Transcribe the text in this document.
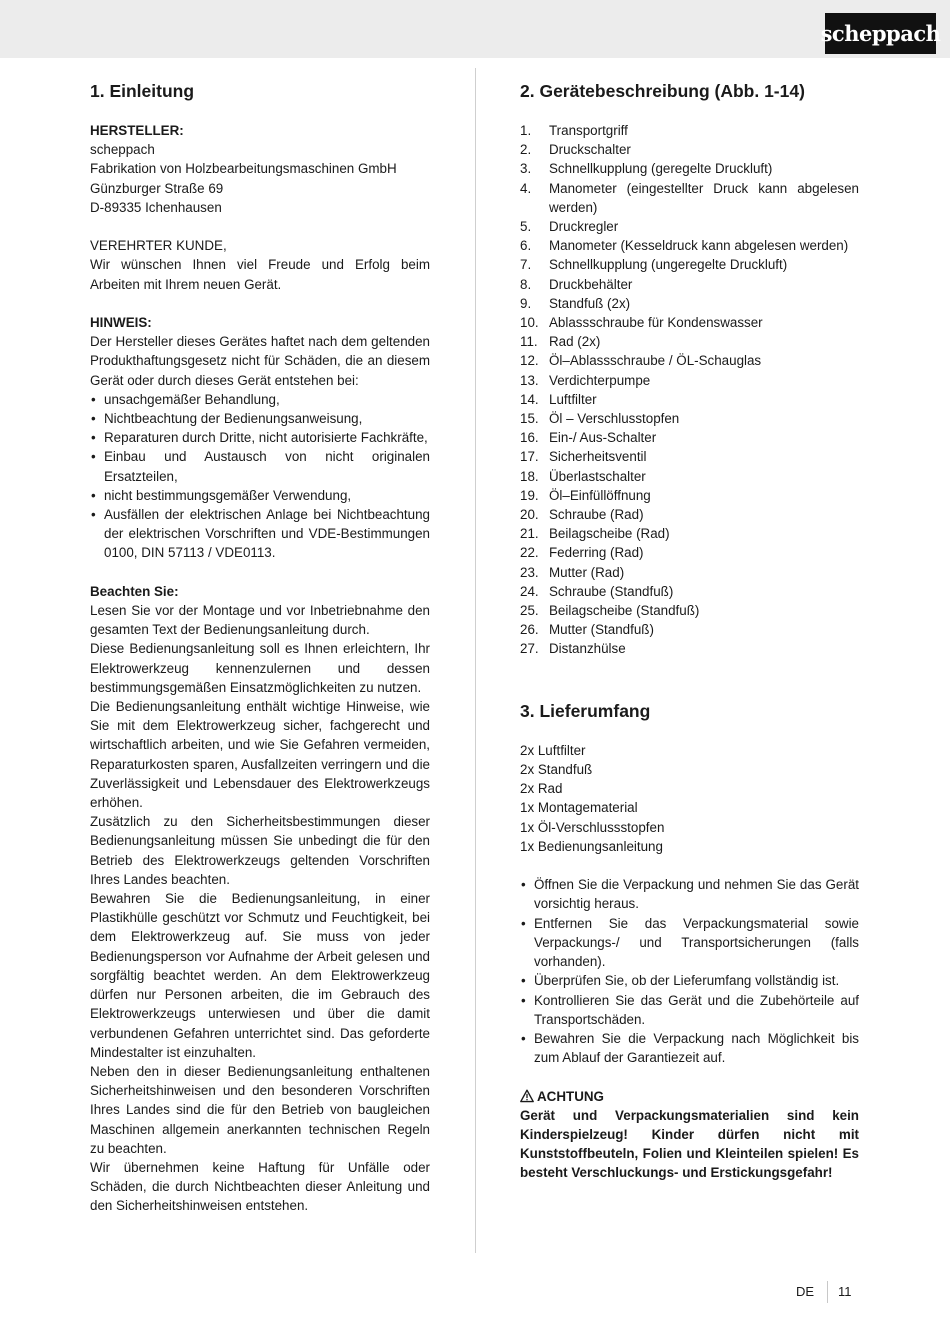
scheppach
1. Einleitung
HERSTELLER:
scheppach
Fabrikation von Holzbearbeitungsmaschinen GmbH
Günzburger Straße 69
D-89335 Ichenhausen
VEREHRTER KUNDE,
Wir wünschen Ihnen viel Freude und Erfolg beim Arbeiten mit Ihrem neuen Gerät.
HINWEIS:
Der Hersteller dieses Gerätes haftet nach dem geltenden Produkthaftungsgesetz nicht für Schäden, die an diesem Gerät oder durch dieses Gerät entstehen bei:
• unsachgemäßer Behandlung,
• Nichtbeachtung der Bedienungsanweisung,
• Reparaturen durch Dritte, nicht autorisierte Fachkräfte,
• Einbau und Austausch von nicht originalen Ersatzteilen,
• nicht bestimmungsgemäßer Verwendung,
• Ausfällen der elektrischen Anlage bei Nichtbeachtung der elektrischen Vorschriften und VDE-Bestimmungen 0100, DIN 57113 / VDE0113.
Beachten Sie:
Lesen Sie vor der Montage und vor Inbetriebnahme den gesamten Text der Bedienungsanleitung durch.
Diese Bedienungsanleitung soll es Ihnen erleichtern, Ihr Elektrowerkzeug kennenzulernen und dessen bestimmungsgemäßen Einsatzmöglichkeiten zu nutzen.
Die Bedienungsanleitung enthält wichtige Hinweise, wie Sie mit dem Elektrowerkzeug sicher, fachgerecht und wirtschaftlich arbeiten, und wie Sie Gefahren vermeiden, Reparaturkosten sparen, Ausfallzeiten verringern und die Zuverlässigkeit und Lebensdauer des Elektrowerkzeugs erhöhen.
Zusätzlich zu den Sicherheitsbestimmungen dieser Bedienungsanleitung müssen Sie unbedingt die für den Betrieb des Elektrowerkzeugs geltenden Vorschriften Ihres Landes beachten.
Bewahren Sie die Bedienungsanleitung, in einer Plastikhülle geschützt vor Schmutz und Feuchtigkeit, bei dem Elektrowerkzeug auf. Sie muss von jeder Bedienungsperson vor Aufnahme der Arbeit gelesen und sorgfältig beachtet werden. An dem Elektrowerkzeug dürfen nur Personen arbeiten, die im Gebrauch des Elektrowerkzeugs unterwiesen und über die damit verbundenen Gefahren unterrichtet sind. Das geforderte Mindestalter ist einzuhalten.
Neben den in dieser Bedienungsanleitung enthaltenen Sicherheitshinweisen und den besonderen Vorschriften Ihres Landes sind die für den Betrieb von baugleichen Maschinen allgemein anerkannten technischen Regeln zu beachten.
Wir übernehmen keine Haftung für Unfälle oder Schäden, die durch Nichtbeachten dieser Anleitung und den Sicherheitshinweisen entstehen.
2. Gerätebeschreibung (Abb. 1-14)
1.	Transportgriff
2.	Druckschalter
3.	Schnellkupplung (geregelte Druckluft)
4.	Manometer (eingestellter Druck kann abgelesen werden)
5.	Druckregler
6.	Manometer (Kesseldruck kann abgelesen werden)
7.	Schnellkupplung (ungeregelte Druckluft)
8.	Druckbehälter
9.	Standfuß (2x)
10. Ablassschraube für Kondenswasser
11. Rad (2x)
12. Öl–Ablassschraube / ÖL-Schauglas
13. Verdichterpumpe
14. Luftfilter
15. Öl – Verschlusstopfen
16. Ein-/ Aus-Schalter
17. Sicherheitsventil
18. Überlastschalter
19. Öl–Einfüllöffnung
20. Schraube (Rad)
21. Beilagscheibe (Rad)
22. Federring (Rad)
23. Mutter (Rad)
24. Schraube (Standfuß)
25. Beilagscheibe (Standfuß)
26. Mutter (Standfuß)
27. Distanzhülse
3. Lieferumfang
2x Luftfilter
2x Standfuß
2x Rad
1x Montagematerial
1x Öl-Verschlussstopfen
1x Bedienungsanleitung
• Öffnen Sie die Verpackung und nehmen Sie das Gerät vorsichtig heraus.
• Entfernen Sie das Verpackungsmaterial sowie Verpackungs-/ und Transportsicherungen (falls vorhanden).
• Überprüfen Sie, ob der Lieferumfang vollständig ist.
• Kontrollieren Sie das Gerät und die Zubehörteile auf Transportschäden.
• Bewahren Sie die Verpackung nach Möglichkeit bis zum Ablauf der Garantiezeit auf.
ACHTUNG
Gerät und Verpackungsmaterialien sind kein Kinderspielzeug! Kinder dürfen nicht mit Kunststoffbeuteln, Folien und Kleinteilen spielen! Es besteht Verschluckungs- und Erstickungsgefahr!
DE 11
